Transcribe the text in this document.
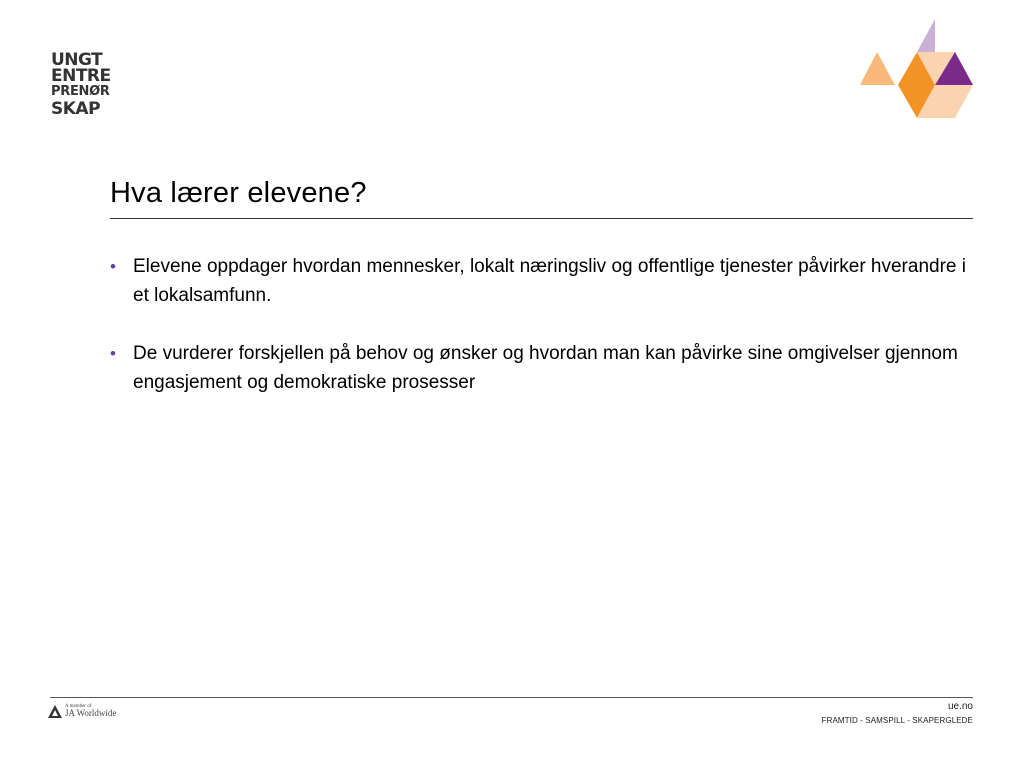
UNGT
ENTRE
PRENØR
SKAP
Hva lærer elevene?
• Elevene oppdager hvordan mennesker, lokalt næringsliv og offentlige tjenester påvirker hverandre i et lokalsamfunn.
• De vurderer forskjellen på behov og ønsker og hvordan man kan påvirke sine omgivelser gjennom engasjement og demokratiske prosesser
A member of
JA Worldwide
ue.no
FRAMTID - SAMSPILL - SKAPERGLEDE
